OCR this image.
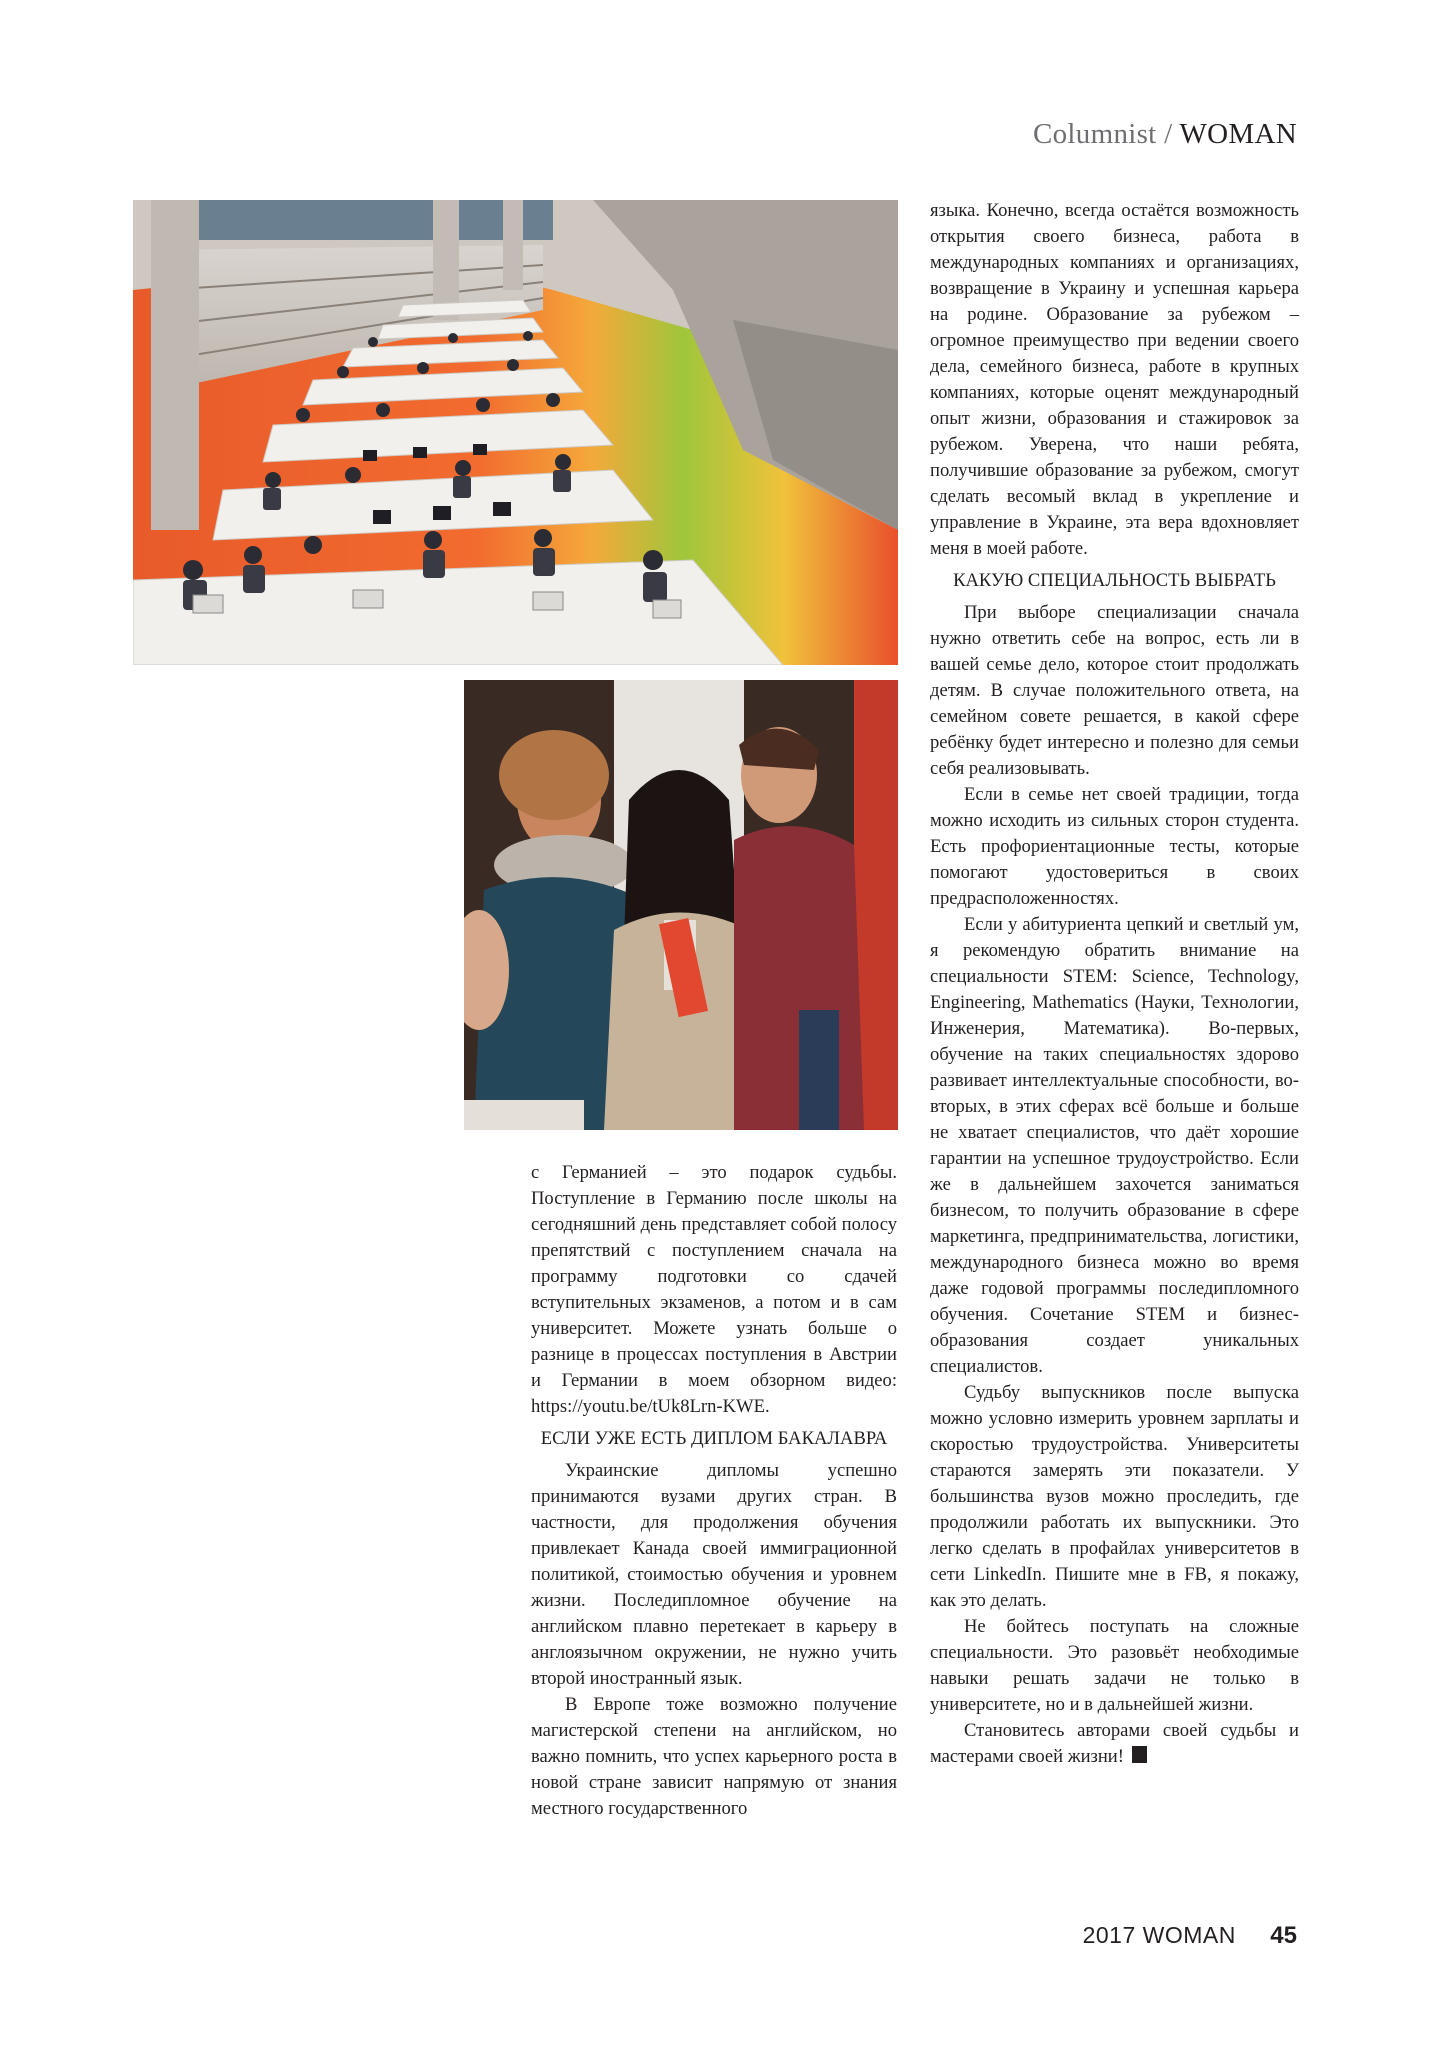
Columnist / WOMAN

с Германией – это подарок судьбы. Поступление в Германию после школы на сегодняшний день представляет собой полосу препятствий с поступлением сначала на программу подготовки со сдачей вступительных экзаменов, а потом и в сам университет. Можете узнать больше о разнице в процессах поступления в Австрии и Германии в моем обзорном видео: https://youtu.be/tUk8Lrn-KWE.

ЕСЛИ УЖЕ ЕСТЬ ДИПЛОМ БАКАЛАВРА

Украинские дипломы успешно принимаются вузами других стран. В частности, для продолжения обучения привлекает Канада своей иммиграционной политикой, стоимостью обучения и уровнем жизни. Последипломное обучение на английском плавно перетекает в карьеру в англоязычном окружении, не нужно учить второй иностранный язык.

В Европе тоже возможно получение магистерской степени на английском, но важно помнить, что успех карьерного роста в новой стране зависит напрямую от знания местного государственного

языка. Конечно, всегда остаётся возможность открытия своего бизнеса, работа в международных компаниях и организациях, возвращение в Украину и успешная карьера на родине. Образование за рубежом – огромное преимущество при ведении своего дела, семейного бизнеса, работе в крупных компаниях, которые оценят международный опыт жизни, образования и стажировок за рубежом. Уверена, что наши ребята, получившие образование за рубежом, смогут сделать весомый вклад в укрепление и управление в Украине, эта вера вдохновляет меня в моей работе.

КАКУЮ СПЕЦИАЛЬНОСТЬ ВЫБРАТЬ

При выборе специализации сначала нужно ответить себе на вопрос, есть ли в вашей семье дело, которое стоит продолжать детям. В случае положительного ответа, на семейном совете решается, в какой сфере ребёнку будет интересно и полезно для семьи себя реализовывать.

Если в семье нет своей традиции, тогда можно исходить из сильных сторон студента. Есть профориентационные тесты, которые помогают удостовериться в своих предрасположенностях.

Если у абитуриента цепкий и светлый ум, я рекомендую обратить внимание на специальности STEM: Science, Technology, Engineering, Mathematics (Науки, Технологии, Инженерия, Математика). Во-первых, обучение на таких специальностях здорово развивает интеллектуальные способности, во-вторых, в этих сферах всё больше и больше не хватает специалистов, что даёт хорошие гарантии на успешное трудоустройство. Если же в дальнейшем захочется заниматься бизнесом, то получить образование в сфере маркетинга, предпринимательства, логистики, международного бизнеса можно во время даже годовой программы последипломного обучения. Сочетание STEM и бизнес-образования создает уникальных специалистов.

Судьбу выпускников после выпуска можно условно измерить уровнем зарплаты и скоростью трудоустройства. Университеты стараются замерять эти показатели. У большинства вузов можно проследить, где продолжили работать их выпускники. Это легко сделать в профайлах университетов в сети LinkedIn. Пишите мне в FB, я покажу, как это делать.

Не бойтесь поступать на сложные специальности. Это разовьёт необходимые навыки решать задачи не только в университете, но и в дальнейшей жизни.

Становитесь авторами своей судьбы и мастерами своей жизни!

2017 WOMAN 45
